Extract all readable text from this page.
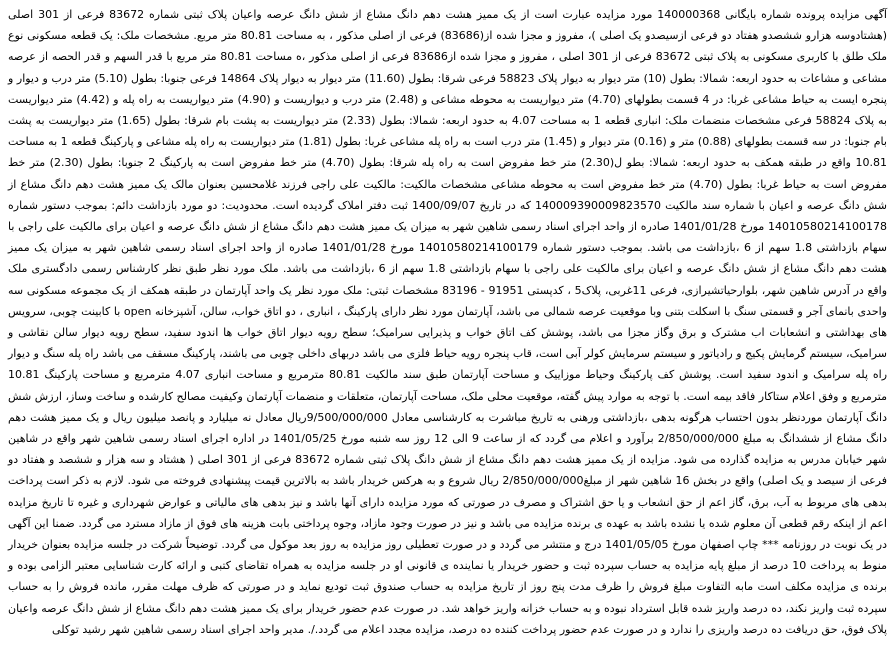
آگهی مزایده پرونده شماره بایگانی 140000368 مورد مزایده عبارت است از یک ممیز هشت دهم دانگ مشاع از شش دانگ عرصه واعیان پلاک ثبتی شماره 83672 فرعی از 301 اصلی (هشتادوسه هزارو ششصدو هفتاد دو فرعی ازسیصدو یک اصلی )، مفروز و مجزا شده از(83686) فرعی از اصلی مذکور ، به مساحت 80.81 متر مربع. مشخصات ملک: یک قطعه مسکونی نوع ملک طلق با کاربری مسکونی به پلاک ثبتی 83672 فرعی از 301 اصلی ، مفروز و مجزا شده از83686 فرعی از اصلی مذکور ،ه مساحت 80.81 متر مربع با قدر السهم و قدر الحصه از عرصه مشاعی و مشاعات به حدود اربعه: شمالا: بطول (10) متر دیوار به دیوار پلاک 58823 فرعی شرقا: بطول (11.60) متر دیوار به دیوار پلاک 14864 فرعی جنوبا: بطول (5.10) متر درب و دیوار و پنجره ایست به حیاط مشاعی غربا: در 4 قسمت بطولهای (4.70) متر دیواریست به محوطه مشاعی و (2.48) متر درب و دیواریست و (4.90) متر دیواریست به راه پله و (4.42) متر دیواریست به پلاک 58824 فرعی مشخصات منضمات ملک: انباری قطعه 1 به مساحت 4.07 به حدود اربعه: شمالا: بطول (2.33) متر دیواریست به پشت بام شرقا: بطول (1.65) متر دیواریست به پشت بام جنوبا: در سه قسمت بطولهای (0.88) متر و (0.16) متر دیوار و (1.45) متر درب است به راه پله مشاعی غربا: بطول (1.81) متر دیواریست به راه پله مشاعی و پارکینگ قطعه 1 به مساحت 10.81 واقع در طبقه همکف به حدود اربعه: شمالا: بطو ل(2.30) متر خط مفروض است به راه پله شرقا: بطول (4.70) متر خط مفروض است به پارکینگ 2 جنوبا: بطول (2.30) متر خط مفروض است به حیاط غربا: بطول (4.70) متر خط مفروض است به محوطه مشاعی مشخصات مالکیت: مالکیت علی راجی فرزند غلامحسین بعنوان مالک یک ممیز هشت دهم دانگ مشاع از شش دانگ عرصه و اعیان با شماره سند مالکیت 140009390009823570 که در تاریخ 1400/09/07 ثبت دفتر املاک گردیده است. محدودیت: دو مورد بازداشت دائم: بموجب دستور شماره 14010580214100178 مورخ 1401/01/28 صادره از واحد اجرای اسناد رسمی شاهین شهر به میزان یک ممیز هشت دهم دانگ مشاع از شش دانگ عرصه و اعیان برای مالکیت علی راجی با سهام بازداشتی 1.8 سهم از 6 ،بازداشت می باشد. بموجب دستور شماره 14010580214100179 مورخ 1401/01/28 صادره از واحد اجرای اسناد رسمی شاهین شهر به میزان یک ممیز هشت دهم دانگ مشاع از شش دانگ عرصه و اعیان برای مالکیت علی راجی با سهام بازداشتی 1.8 سهم از 6 ،بازداشت می باشد. ملک مورد نظر طبق نظر کارشناس رسمی دادگستری ملک واقع در آدرس شاهین شهر، بلوارحیاتشیرازی، فرعی 11غربی، پلاک5 ، کدپستی 91951 - 83196 مشخصات ثبتی: ملک مورد نظر یک واحد آپارتمان در طبقه همکف از یک مجموعه مسکونی سه واحدی بانمای آجر و قسمتی سنگ با اسکلت بتنی وبا موقعیت عرصه شمالی می باشد، آپارتمان مورد نظر دارای پارکینگ ، انباری ، دو اتاق خواب، سالن، آشپزخانه open با کابینت چوبی، سرویس های بهداشتی و انشعابات اب مشترک و برق وگاز مجزا می باشد، پوشش کف اتاق خواب و پذیرایی سرامیک؛ سطح رویه دیوار اتاق خواب ها اندود سفید، سطح رویه دیوار سالن نقاشی و سرامیک، سیستم گرمایش پکیج و رادیاتور و سیستم سرمایش کولر آبی است، قاب پنجره رویه حیاط فلزی می باشد دربهای داخلی چوبی می باشند، پارکینگ مسقف می باشد راه پله سنگ و دیوار راه پله سرامیک و اندود سفید است. پوشش کف پارکینگ وحیاط موزاییک و مساحت آپارتمان طبق سند مالکیت 80.81 مترمربع و مساحت انباری 4.07 مترمربع و مساحت پارکینگ 10.81 مترمربع و وفق اعلام ستاکار فاقد بیمه است. با توجه به موارد پیش گفته، موقعیت محلی ملک، مساحت آپارتمان، متعلقات و منضمات آپارتمان وکیفیت مصالح کارشده و ساخت وساز، ارزش شش دانگ آپارتمان موردنظر بدون احتساب هرگونه بدهی ،بازداشتی ورهنی به تاریخ مباشرت به کارشناسی معادل 9/500/000/000ریال معادل نه میلیارد و پانصد میلیون ریال و یک ممیز هشت دهم دانگ مشاع از ششدانگ به مبلغ 2/850/000/000 برآورد و اعلام می گردد که از ساعت 9 الی 12 روز سه شنبه مورخ 1401/05/25 در اداره اجرای اسناد رسمی شاهین شهر واقع در شاهین شهر خیابان مدرس به مزایده گذارده می شود. مزایده از یک ممیز هشت دهم دانگ مشاع از شش دانگ پلاک ثبتی شماره 83672 فرعی از 301 اصلی ( هشتاد و سه هزار و ششصد و هفتاد دو فرعی از سیصد و یک اصلی) واقع در بخش 16 شاهین شهر از مبلغ2/850/000/000 ریال شروع و به هرکس خریدار باشد به بالاترین قیمت پیشنهادی فروخته می شود. لازم به ذکر است پرداخت بدهی های مربوط به آب، برق، گاز اعم از حق انشعاب و یا حق اشتراک و مصرف در صورتی که مورد مزایده دارای آنها باشد و نیز بدهی های مالیاتی و عوارض شهرداری و غیره تا تاریخ مزایده اعم از اینکه رقم قطعی آن معلوم شده یا نشده باشد به عهده ی برنده مزایده می باشد و نیز در صورت وجود مازاد، وجوه پرداختی بابت هزینه های فوق از مازاد مسترد می گردد. ضمنا این آگهی در یک نوبت در روزنامه *** چاپ اصفهان مورخ 1401/05/05 درج و منتشر می گردد و در صورت تعطیلی روز مزایده به روز بعد موکول می گردد. توضیحاً شرکت در جلسه مزایده بعنوان خریدار منوط به پرداخت 10 درصد از مبلغ پایه مزایده به حساب سپرده ثبت و حضور خریدار یا نماینده ی قانونی او در جلسه مزایده به همراه تقاضای کتبی و ارائه کارت شناسایی معتبر الزامی بوده و برنده ی مزایده مکلف است مابه التفاوت مبلغ فروش را ظرف مدت پنج روز از تاریخ مزایده به حساب صندوق ثبت تودیع نماید و در صورتی که ظرف مهلت مقرر، مانده فروش را به حساب سپرده ثبت واریز نکند، ده درصد واریز شده قابل استرداد نبوده و به حساب خزانه واریز خواهد شد. در صورت عدم حضور خریدار برای یک ممیز هشت دهم دانگ مشاع از شش دانگ عرصه واعیان پلاک فوق، حق دریافت ده درصد واریزی را ندارد و در صورت عدم حضور پرداخت کننده ده درصد، مزایده مجدد اعلام می گردد./. مدیر واحد اجرای اسناد رسمی شاهین شهر رشید توکلی
